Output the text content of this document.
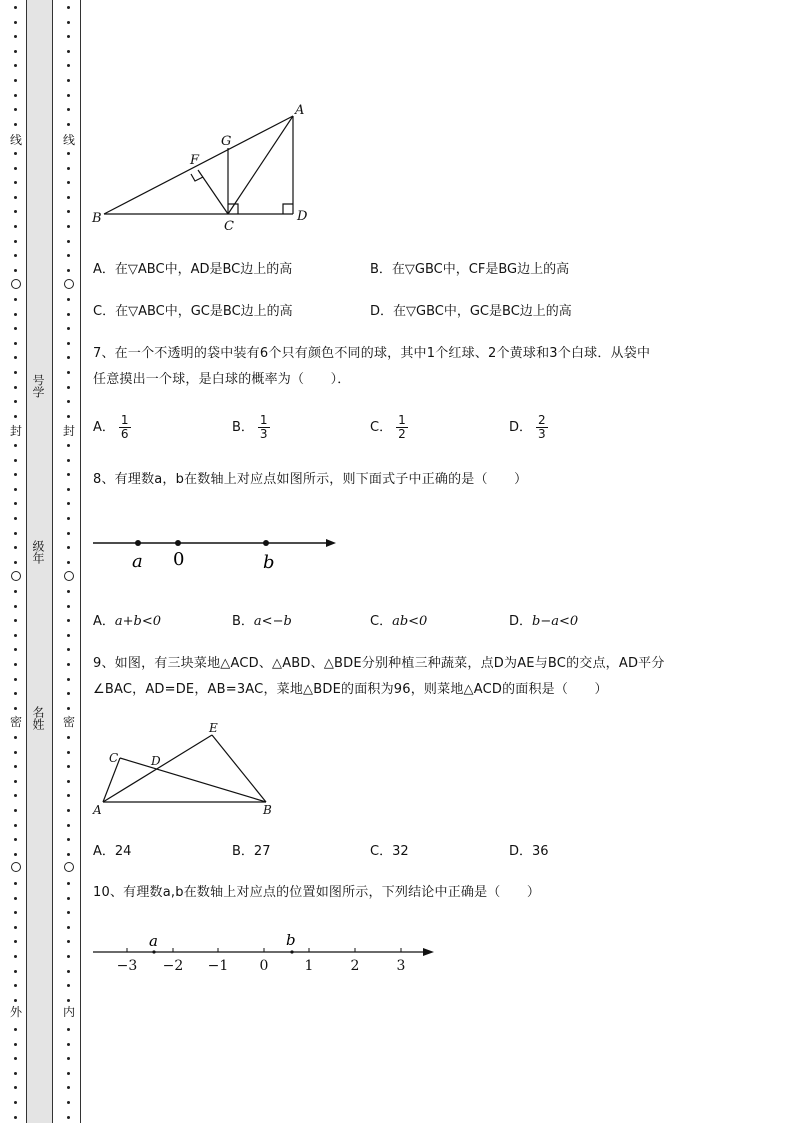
线
封
密
外
线
封
密
内
号学
级年
名姓
A
B
C
D
F
G
A．在▽ABC中，AD是BC边上的高	B．在▽GBC中，CF是BG边上的高
C．在▽ABC中，GC是BC边上的高	D．在▽GBC中，GC是BC边上的高
7、在一个不透明的袋中装有6个只有颜色不同的球，其中1个红球、2个黄球和3个白球．从袋中
任意摸出一个球，是白球的概率为（　　）．
A． $\frac{1}{6}$	B． $\frac{1}{3}$	C． $\frac{1}{2}$	D． $\frac{2}{3}$
8、有理数a，b在数轴上对应点如图所示，则下面式子中正确的是（　　）
a 0	b
A．a+b<0	B．a<−b	C．ab<0	D．b−a<0
9、如图，有三块菜地△ACD、△ABD、△BDE分别种植三种蔬菜，点D为AE与BC的交点，AD平分
∠BAC，AD=DE，AB=3AC，菜地△BDE的面积为96，则菜地△ACD的面积是（　　）
A	B
C	D
E
A．24	B．27	C．32	D．36
10、有理数a,b在数轴上对应点的位置如图所示，下列结论中正确是（　　）
a	b
−3 −2 −1 0	1	2	3
